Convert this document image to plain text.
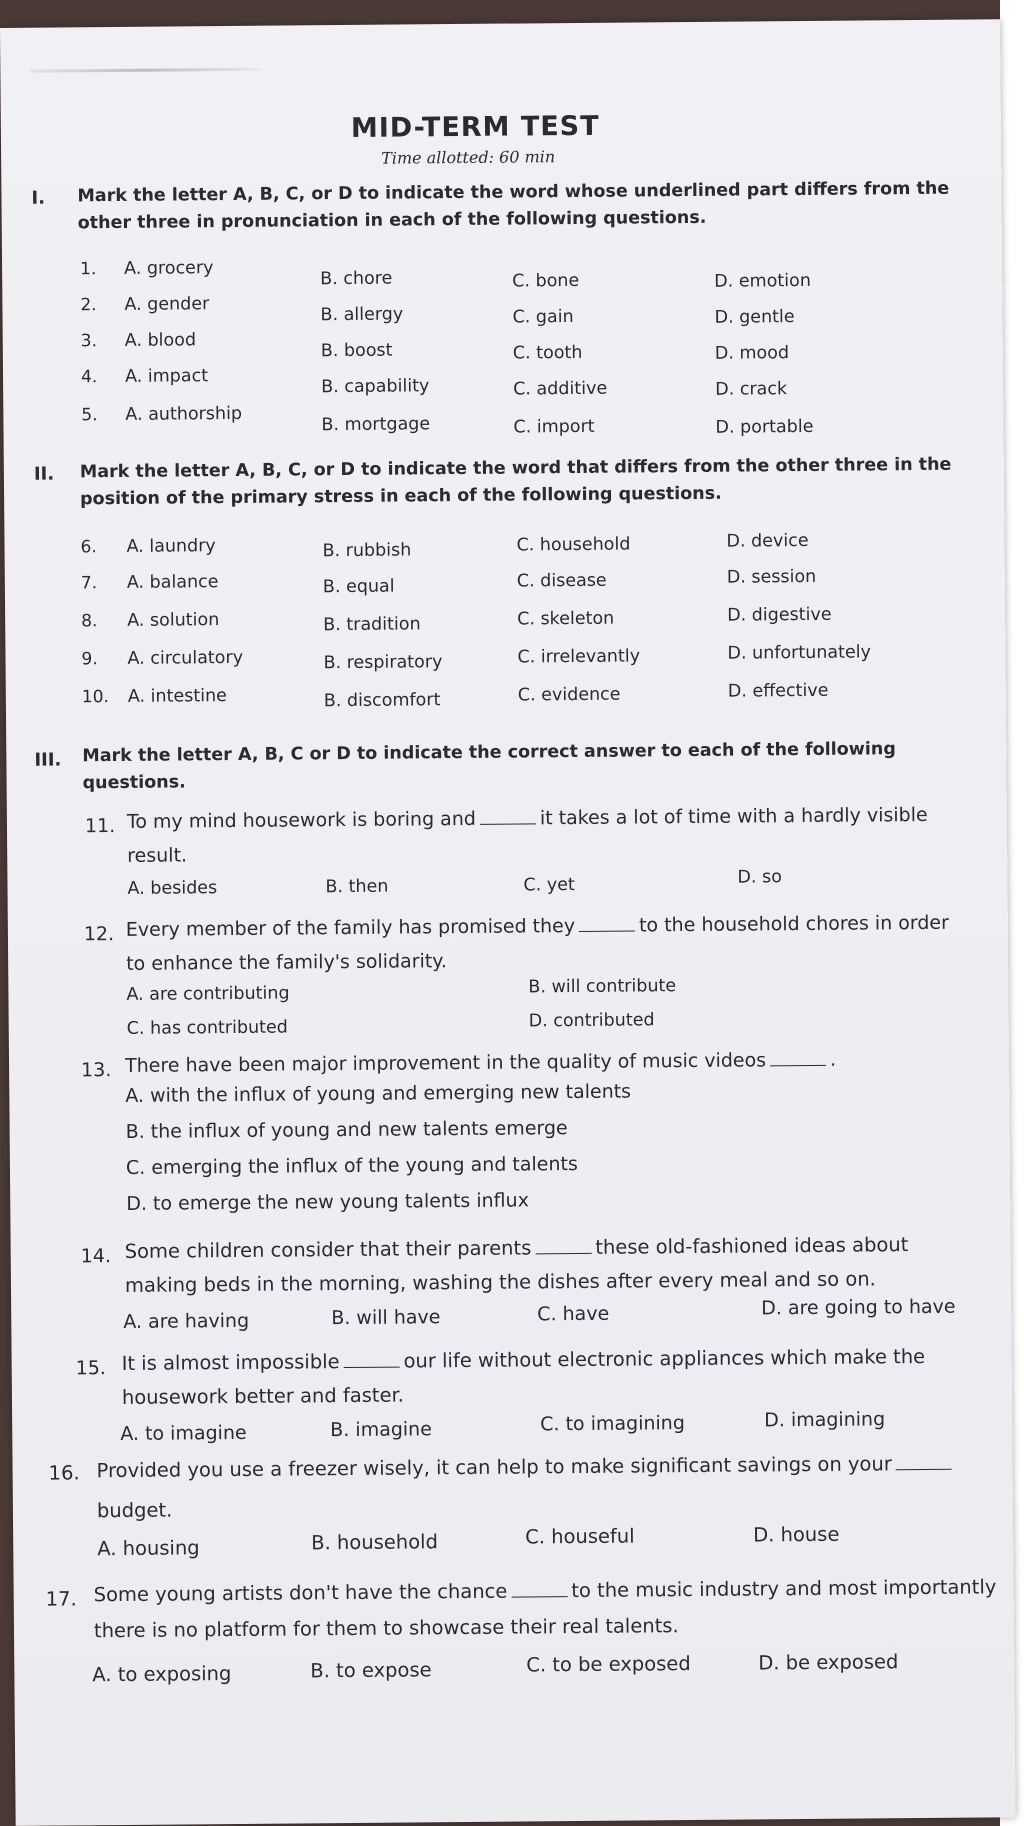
MID-TERM TEST
Time allotted: 60 min
I. Mark the letter A, B, C, or D to indicate the word whose underlined part differs from the other three in pronunciation in each of the following questions.
1. A. grocery	B. chore	C. bone	D. emotion
2. A. gender	B. allergy	C. gain	D. gentle
3. A. blood	B. boost	C. tooth	D. mood
4. A. impact	B. capability	C. additive	D. crack
5. A. authorship	B. mortgage	C. import	D. portable
II. Mark the letter A, B, C, or D to indicate the word that differs from the other three in the position of the primary stress in each of the following questions.
6. A. laundry	B. rubbish	C. household	D. device
7. A. balance	B. equal	C. disease	D. session
8. A. solution	B. tradition	C. skeleton	D. digestive
9. A. circulatory	B. respiratory	C. irrelevantly	D. unfortunately
10. A. intestine	B. discomfort	C. evidence	D. effective
III. Mark the letter A, B, C or D to indicate the correct answer to each of the following questions.
11. To my mind housework is boring and	it takes a lot of time with a hardly visible result.
A. besides	B. then	C. yet	D. so
12. Every member of the family has promised they	to the household chores in order to enhance the family's solidarity.
A. are contributing	B. will contribute
C. has contributed	D. contributed
13. There have been major improvement in the quality of music videos	.
A. with the influx of young and emerging new talents
B. the influx of young and new talents emerge
C. emerging the influx of the young and talents
D. to emerge the new young talents influx
14. Some children consider that their parents	these old-fashioned ideas about making beds in the morning, washing the dishes after every meal and so on.
A. are having	B. will have	C. have	D. are going to have
15. It is almost impossible	our life without electronic appliances which make the housework better and faster.
A. to imagine	B. imagine	C. to imagining	D. imagining
16. Provided you use a freezer wisely, it can help to make significant savings on yourbudget.
A. housing	B. household	C. houseful	D. house
17. Some young artists don't have the chance	to the music industry and most importantly there is no platform for them to showcase their real talents.
A. to exposing	B. to expose	C. to be exposed	D. be exposed
